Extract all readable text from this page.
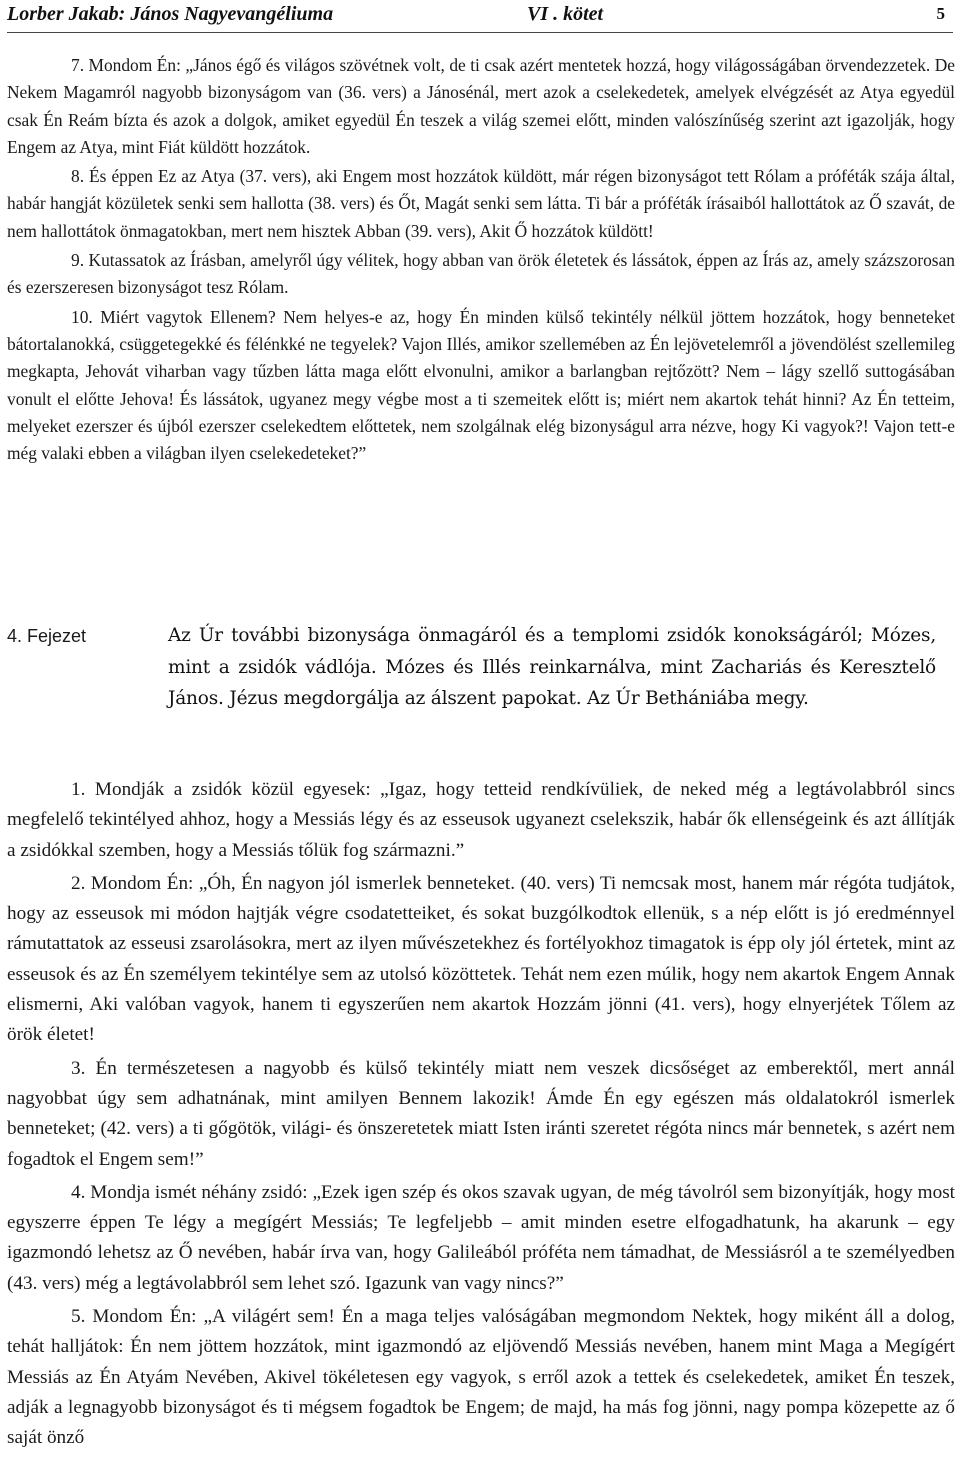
Lorber Jakab: János Nagyevangéliuma	VI . kötet	5

7. Mondom Én: „János égő és világos szövétnek volt, de ti csak azért mentetek hozzá, hogy világosságában örvendezzetek. De Nekem Magamról nagyobb bizonyságom van (36. vers) a Jánosénál, mert azok a cselekedetek, amelyek elvégzését az Atya egyedül csak Én Reám bízta és azok a dolgok, amiket egyedül Én teszek a világ szemei előtt, minden valószínűség szerint azt igazolják, hogy Engem az Atya, mint Fiát küldött hozzátok.

8. És éppen Ez az Atya (37. vers), aki Engem most hozzátok küldött, már régen bizonyságot tett Rólam a próféták szája által, habár hangját közületek senki sem hallotta (38. vers) és Őt, Magát senki sem látta. Ti bár a próféták írásaiból hallottátok az Ő szavát, de nem hallottátok önmagatokban, mert nem hisztek Abban (39. vers), Akit Ő hozzátok küldött!

9. Kutassatok az Írásban, amelyről úgy vélitek, hogy abban van örök életetek és lássátok, éppen az Írás az, amely százszorosan és ezerszeresen bizonyságot tesz Rólam.

10. Miért vagytok Ellenem? Nem helyes-e az, hogy Én minden külső tekintély nélkül jöttem hozzátok, hogy benneteket bátortalanokká, csüggetegekké és félénkké ne tegyelek? Vajon Illés, amikor szellemében az Én lejövetelemről a jövendölést szellemileg megkapta, Jehovát viharban vagy tűzben látta maga előtt elvonulni, amikor a barlangban rejtőzött? Nem – lágy szellő suttogásában vonult el előtte Jehova! És lássátok, ugyanez megy végbe most a ti szemeitek előtt is; miért nem akartok tehát hinni? Az Én tetteim, melyeket ezerszer és újból ezerszer cselekedtem előttetek, nem szolgálnak elég bizonyságul arra nézve, hogy Ki vagyok?! Vajon tett-e még valaki ebben a világban ilyen cselekedeteket?”

4. Fejezet	Az Úr további bizonysága önmagáról és a templomi zsidók konokságáról; Mózes, mint a zsidók vádlója. Mózes és Illés reinkarnálva, mint Zachariás és Keresztelő János. Jézus megdorgálja az álszent papokat. Az Úr Bethániába megy.

1. Mondják a zsidók közül egyesek: „Igaz, hogy tetteid rendkívüliek, de neked még a legtávolabbról sincs megfelelő tekintélyed ahhoz, hogy a Messiás légy és az esseusok ugyanezt cselekszik, habár ők ellenségeink és azt állítják a zsidókkal szemben, hogy a Messiás tőlük fog származni.”

2. Mondom Én: „Óh, Én nagyon jól ismerlek benneteket. (40. vers) Ti nemcsak most, hanem már régóta tudjátok, hogy az esseusok mi módon hajtják végre csodatetteiket, és sokat buzgólkodtok ellenük, s a nép előtt is jó eredménnyel rámutattatok az esseusi zsarolásokra, mert az ilyen művészetekhez és fortélyokhoz timagatok is épp oly jól értetek, mint az esseusok és az Én személyem tekintélye sem az utolsó közöttetek. Tehát nem ezen múlik, hogy nem akartok Engem Annak elismerni, Aki valóban vagyok, hanem ti egyszerűen nem akartok Hozzám jönni (41. vers), hogy elnyerjétek Tőlem az örök életet!

3. Én természetesen a nagyobb és külső tekintély miatt nem veszek dicsőséget az emberektől, mert annál nagyobbat úgy sem adhatnának, mint amilyen Bennem lakozik! Ámde Én egy egészen más oldalatokról ismerlek benneteket; (42. vers) a ti gőgötök, világi- és önszeretetek miatt Isten iránti szeretet régóta nincs már bennetek, s azért nem fogadtok el Engem sem!”

4. Mondja ismét néhány zsidó: „Ezek igen szép és okos szavak ugyan, de még távolról sem bizonyítják, hogy most egyszerre éppen Te légy a megígért Messiás; Te legfeljebb – amit minden esetre elfogadhatunk, ha akarunk – egy igazmondó lehetsz az Ő nevében, habár írva van, hogy Galileából próféta nem támadhat, de Messiásról a te személyedben (43. vers) még a legtávolabbról sem lehet szó. Igazunk van vagy nincs?”

5. Mondom Én: „A világért sem! Én a maga teljes valóságában megmondom Nektek, hogy miként áll a dolog, tehát halljátok: Én nem jöttem hozzátok, mint igazmondó az eljövendő Messiás nevében, hanem mint Maga a Megígért Messiás az Én Atyám Nevében, Akivel tökéletesen egy vagyok, s erről azok a tettek és cselekedetek, amiket Én teszek, adják a legnagyobb bizonyságot és ti mégsem fogadtok be Engem; de majd, ha más fog jönni, nagy pompa közepette az ő saját önző
